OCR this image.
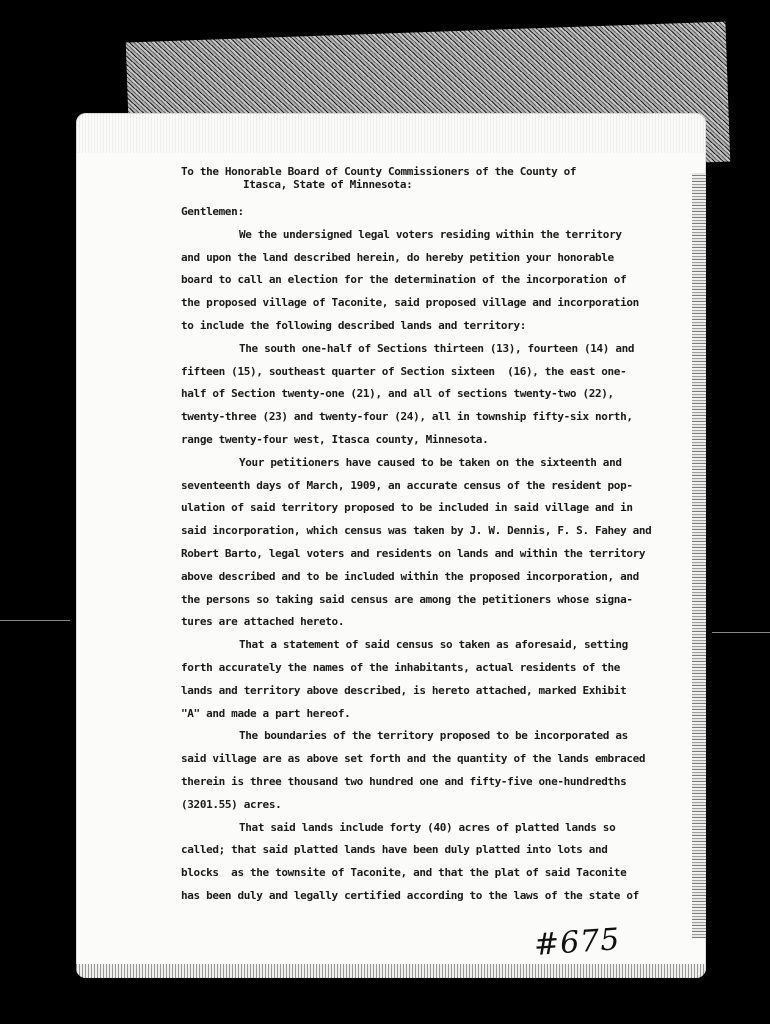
To the Honorable Board of County Commissioners of the County of
Itasca, State of Minnesota:
Gentlemen:
We the undersigned legal voters residing within the territory
and upon the land described herein, do hereby petition your honorable
board to call an election for the determination of the incorporation of
the proposed village of Taconite, said proposed village and incorporation
to include the following described lands and territory:
The south one-half of Sections thirteen (13), fourteen (14) and
fifteen (15), southeast quarter of Section sixteen  (16), the east one-
half of Section twenty-one (21), and all of sections twenty-two (22),
twenty-three (23) and twenty-four (24), all in township fifty-six north,
range twenty-four west, Itasca county, Minnesota.
Your petitioners have caused to be taken on the sixteenth and
seventeenth days of March, 1909, an accurate census of the resident pop-
ulation of said territory proposed to be included in said village and in
said incorporation, which census was taken by J. W. Dennis, F. S. Fahey and
Robert Barto, legal voters and residents on lands and within the territory
above described and to be included within the proposed incorporation, and
the persons so taking said census are among the petitioners whose signa-
tures are attached hereto.
That a statement of said census so taken as aforesaid, setting
forth accurately the names of the inhabitants, actual residents of the
lands and territory above described, is hereto attached, marked Exhibit
"A" and made a part hereof.
The boundaries of the territory proposed to be incorporated as
said village are as above set forth and the quantity of the lands embraced
therein is three thousand two hundred one and fifty-five one-hundredths
(3201.55) acres.
That said lands include forty (40) acres of platted lands so
called; that said platted lands have been duly platted into lots and
blocks  as the townsite of Taconite, and that the plat of said Taconite
has been duly and legally certified according to the laws of the state of
#675
